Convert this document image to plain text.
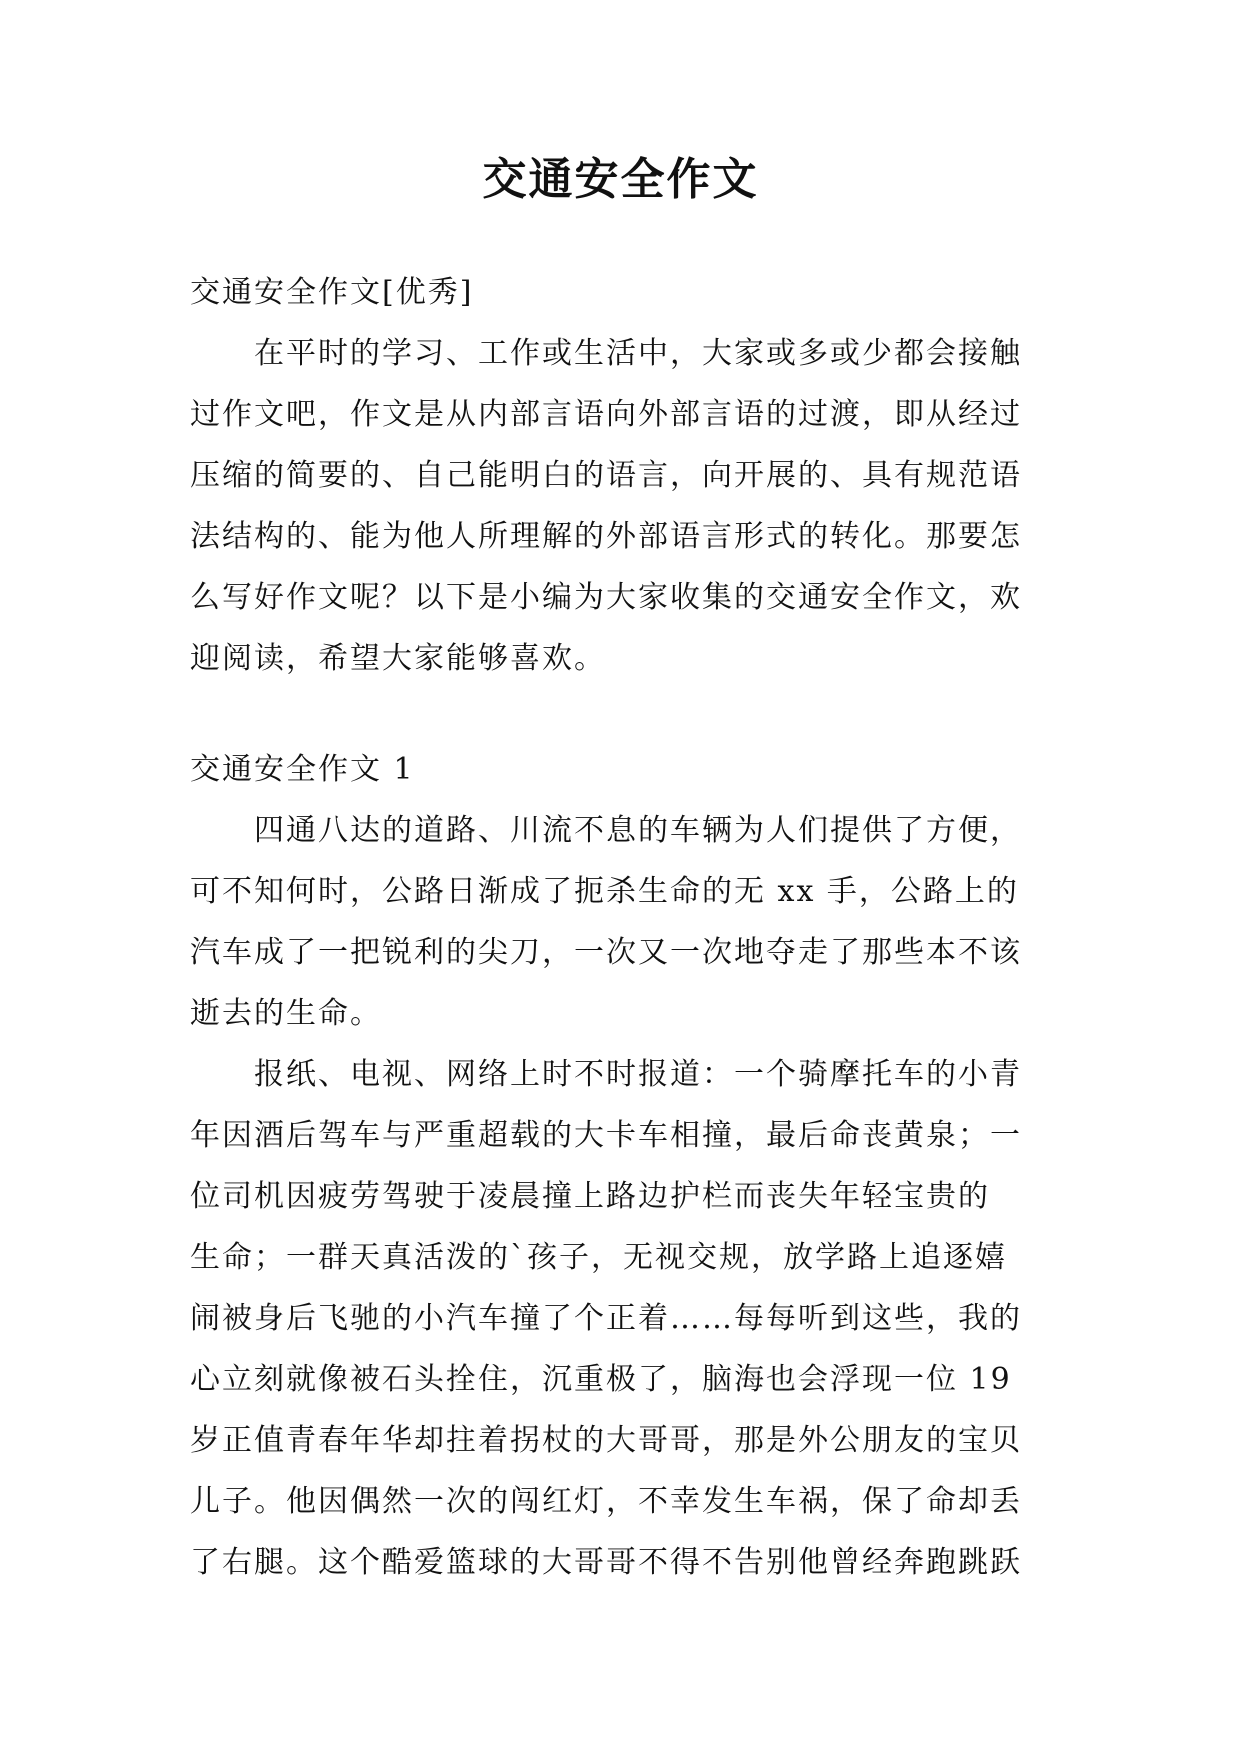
交通安全作文
交通安全作文[优秀]
在平时的学习、工作或生活中，大家或多或少都会接触
过作文吧，作文是从内部言语向外部言语的过渡，即从经过
压缩的简要的、自己能明白的语言，向开展的、具有规范语
法结构的、能为他人所理解的外部语言形式的转化。那要怎
么写好作文呢？以下是小编为大家收集的交通安全作文，欢
迎阅读，希望大家能够喜欢。
交通安全作文 1
四通八达的道路、川流不息的车辆为人们提供了方便，
可不知何时，公路日渐成了扼杀生命的无 xx 手，公路上的
汽车成了一把锐利的尖刀，一次又一次地夺走了那些本不该
逝去的生命。
报纸、电视、网络上时不时报道：一个骑摩托车的小青
年因酒后驾车与严重超载的大卡车相撞，最后命丧黄泉；一
位司机因疲劳驾驶于凌晨撞上路边护栏而丧失年轻宝贵的
生命；一群天真活泼的`孩子，无视交规，放学路上追逐嬉
闹被身后飞驰的小汽车撞了个正着……每每听到这些，我的
心立刻就像被石头拴住，沉重极了，脑海也会浮现一位 19
岁正值青春年华却拄着拐杖的大哥哥，那是外公朋友的宝贝
儿子。他因偶然一次的闯红灯，不幸发生车祸，保了命却丢
了右腿。这个酷爱篮球的大哥哥不得不告别他曾经奔跑跳跃
